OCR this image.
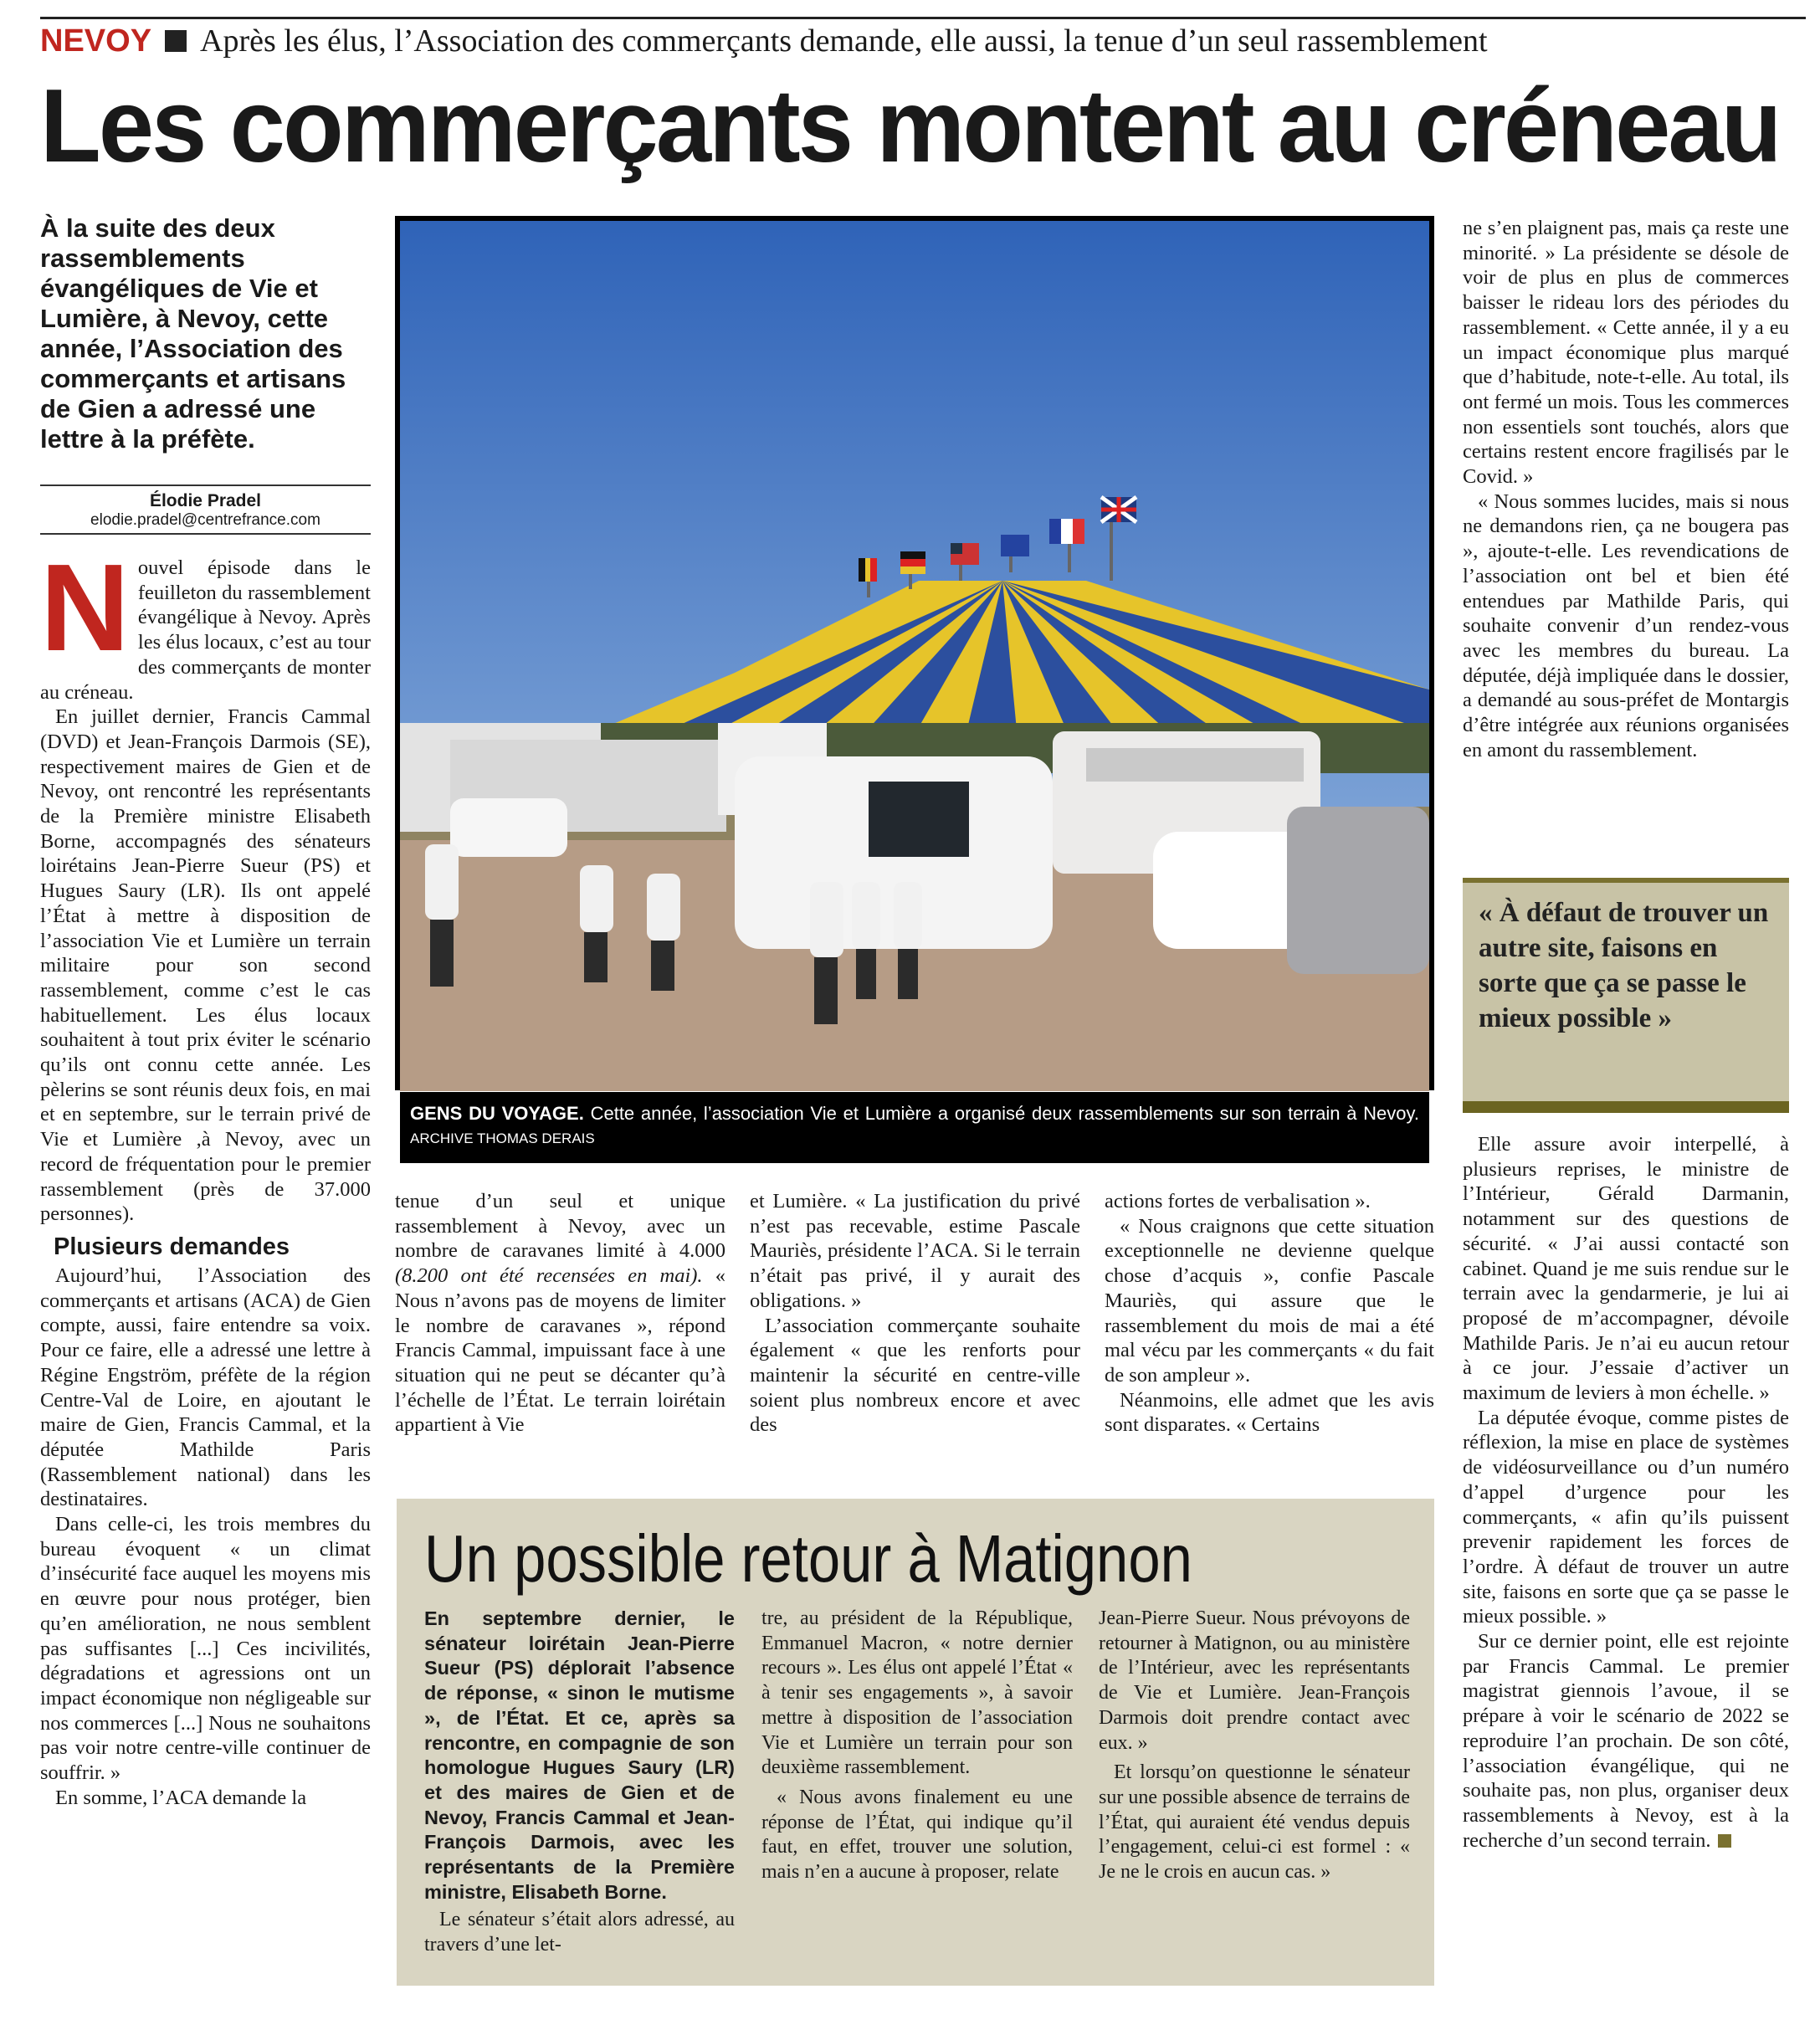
NEVOY Après les élus, l’Association des commerçants demande, elle aussi, la tenue d’un seul rassemblement
Les commerçants montent au créneau
À la suite des deux rassemblements évangéliques de Vie et Lumière, à Nevoy, cette année, l’Association des commerçants et artisans de Gien a adressé une lettre à la préfète.
Élodie Pradel
elodie.pradel@centrefrance.com

Nouvel épisode dans le feuilleton du rassemblement évangélique à Nevoy. Après les élus locaux, c’est au tour des commerçants de monter au créneau.

En juillet dernier, Francis Cammal (DVD) et Jean-François Darmois (SE), respectivement maires de Gien et de Nevoy, ont rencontré les représentants de la Première ministre Elisabeth Borne, accompagnés des sénateurs loirétains Jean-Pierre Sueur (PS) et Hugues Saury (LR). Ils ont appelé l’État à mettre à disposition de l’association Vie et Lumière un terrain militaire pour son second rassemblement, comme c’est le cas habituellement. Les élus locaux souhaitent à tout prix éviter le scénario qu’ils ont connu cette année. Les pèlerins se sont réunis deux fois, en mai et en septembre, sur le terrain privé de Vie et Lumière ,à Nevoy, avec un record de fréquentation pour le premier rassemblement (près de 37.000 personnes).

Plusieurs demandes

Aujourd’hui, l’Association des commerçants et artisans (ACA) de Gien compte, aussi, faire entendre sa voix. Pour ce faire, elle a adressé une lettre à Régine Engström, préfète de la région Centre-Val de Loire, en ajoutant le maire de Gien, Francis Cammal, et la députée Mathilde Paris (Rassemblement national) dans les destinataires.

Dans celle-ci, les trois membres du bureau évoquent « un climat d’insécurité face auquel les moyens mis en œuvre pour nous protéger, bien qu’en amélioration, ne nous semblent pas suffisantes [...] Ces incivilités, dégradations et agressions ont un impact économique non négligeable sur nos commerces [...] Nous ne souhaitons pas voir notre centre-ville continuer de souffrir. »

En somme, l’ACA demande la

GENS DU VOYAGE. Cette année, l’association Vie et Lumière a organisé deux rassemblements sur son terrain à Nevoy. ARCHIVE THOMAS DERAIS

tenue d’un seul et unique rassemblement à Nevoy, avec un nombre de caravanes limité à 4.000 (8.200 ont été recensées en mai). « Nous n’avons pas de moyens de limiter le nombre de caravanes », répond Francis Cammal, impuissant face à une situation qui ne peut se décanter qu’à l’échelle de l’État. Le terrain loirétain appartient à Vie

et Lumière. « La justification du privé n’est pas recevable, estime Pascale Mauriès, présidente l’ACA. Si le terrain n’était pas privé, il y aurait des obligations. »

L’association commerçante souhaite également « que les renforts pour maintenir la sécurité en centre-ville soient plus nombreux encore et avec des

actions fortes de verbalisation ».

« Nous craignons que cette situation exceptionnelle ne devienne quelque chose d’acquis », confie Pascale Mauriès, qui assure que le rassemblement du mois de mai a été mal vécu par les commerçants « du fait de son ampleur ».

Néanmoins, elle admet que les avis sont disparates. « Certains

ne s’en plaignent pas, mais ça reste une minorité. » La présidente se désole de voir de plus en plus de commerces baisser le rideau lors des périodes du rassemblement. « Cette année, il y a eu un impact économique plus marqué que d’habitude, note-t-elle. Au total, ils ont fermé un mois. Tous les commerces non essentiels sont touchés, alors que certains restent encore fragilisés par le Covid. »

« Nous sommes lucides, mais si nous ne demandons rien, ça ne bougera pas », ajoute-t-elle. Les revendications de l’association ont bel et bien été entendues par Mathilde Paris, qui souhaite convenir d’un rendez-vous avec les membres du bureau. La députée, déjà impliquée dans le dossier, a demandé au sous-préfet de Montargis d’être intégrée aux réunions organisées en amont du rassemblement.

« À défaut de trouver un autre site, faisons en sorte que ça se passe le mieux possible »

Elle assure avoir interpellé, à plusieurs reprises, le ministre de l’Intérieur, Gérald Darmanin, notamment sur des questions de sécurité. « J’ai aussi contacté son cabinet. Quand je me suis rendue sur le terrain avec la gendarmerie, je lui ai proposé de m’accompagner, dévoile Mathilde Paris. Je n’ai eu aucun retour à ce jour. J’essaie d’activer un maximum de leviers à mon échelle. »

La députée évoque, comme pistes de réflexion, la mise en place de systèmes de vidéosurveillance ou d’un numéro d’appel d’urgence pour les commerçants, « afin qu’ils puissent prevenir rapidement les forces de l’ordre. À défaut de trouver un autre site, faisons en sorte que ça se passe le mieux possible. »

Sur ce dernier point, elle est rejointe par Francis Cammal. Le premier magistrat giennois l’avoue, il se prépare à voir le scénario de 2022 se reproduire l’an prochain. De son côté, l’association évangélique, qui ne souhaite pas, non plus, organiser deux rassemblements à Nevoy, est à la recherche d’un second terrain.

Un possible retour à Matignon

En septembre dernier, le sénateur loirétain Jean-Pierre Sueur (PS) déplorait l’absence de réponse, « sinon le mutisme », de l’État. Et ce, après sa rencontre, en compagnie de son homologue Hugues Saury (LR) et des maires de Gien et de Nevoy, Francis Cammal et Jean-François Darmois, avec les représentants de la Première ministre, Elisabeth Borne.

Le sénateur s’était alors adressé, au travers d’une let-

tre, au président de la République, Emmanuel Macron, « notre dernier recours ». Les élus ont appelé l’État « à tenir ses engagements », à savoir mettre à disposition de l’association Vie et Lumière un terrain pour son deuxième rassemblement.

« Nous avons finalement eu une réponse de l’État, qui indique qu’il faut, en effet, trouver une solution, mais n’en a aucune à proposer, relate

Jean-Pierre Sueur. Nous prévoyons de retourner à Matignon, ou au ministère de l’Intérieur, avec les représentants de Vie et Lumière. Jean-François Darmois doit prendre contact avec eux. »

Et lorsqu’on questionne le sénateur sur une possible absence de terrains de l’État, qui auraient été vendus depuis l’engagement, celui-ci est formel : « Je ne le crois en aucun cas. »
